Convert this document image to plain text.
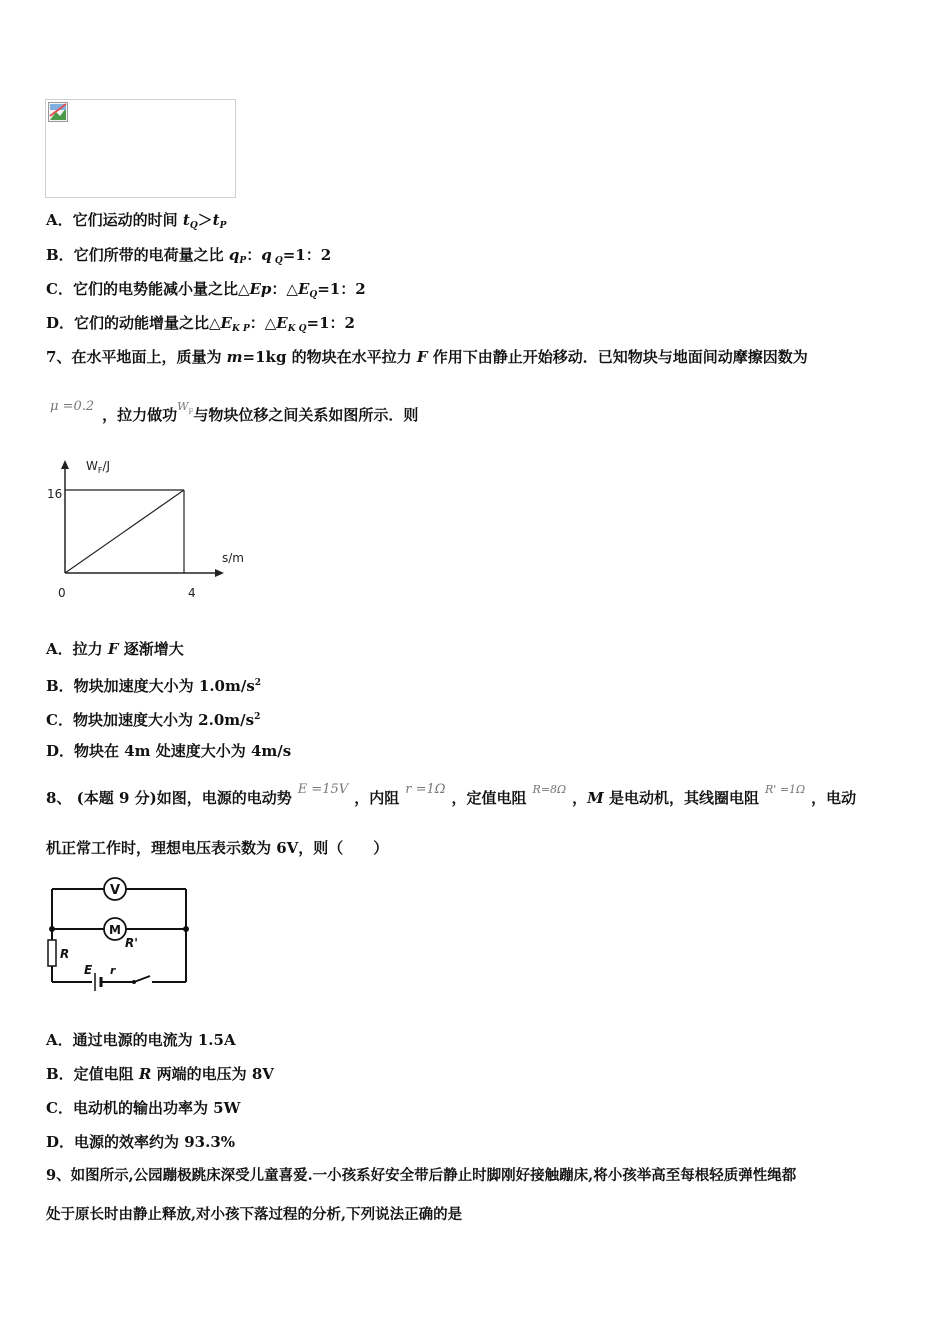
A．它们运动的时间 $t_Q>t_P$
B．它们所带的电荷量之比 $q_P$：q $_Q$=1：2
C．它们的电势能减小量之比△Ep：$\triangle E_Q=1$：2
D．它们的动能增量之比$\triangle E_{K P}$：$\triangle E_{K Q}=1$：2
7、在水平地面上，质量为 m=1kg 的物块在水平拉力 F 作用下由静止开始移动．已知物块与地面间动摩擦因数为
μ =0.2 ，拉力做功$^{WF}$与物块位移之间关系如图所示．则
$W_F/J$
s/m
16
4
0
A．拉力 F 逐渐增大
B．物块加速度大小为 $1.0m/s^2$
C．物块加速度大小为 $2.0m/s^2$
D．物块在 4m 处速度大小为 4m/s
8、 (本题 9 分)如图，电源的电动势 E =15V ，内阻 r =1Ω ，定值电阻 $^{R=8\Omega}$ ，M 是电动机，其线圈电阻 $^{R' =1\Omega}$ ，电动
机正常工作时，理想电压表示数为 6V，则（　　）
V
M
R'
R
E r
A．通过电源的电流为 1.5A
B．定值电阻 R 两端的电压为 8V
C．电动机的输出功率为 5W
D．电源的效率约为 93.3%
9、如图所示,公园蹦极跳床深受儿童喜爱.一小孩系好安全带后静止时脚刚好接触蹦床,将小孩举高至每根轻质弹性绳都
处于原长时由静止释放,对小孩下落过程的分析,下列说法正确的是
